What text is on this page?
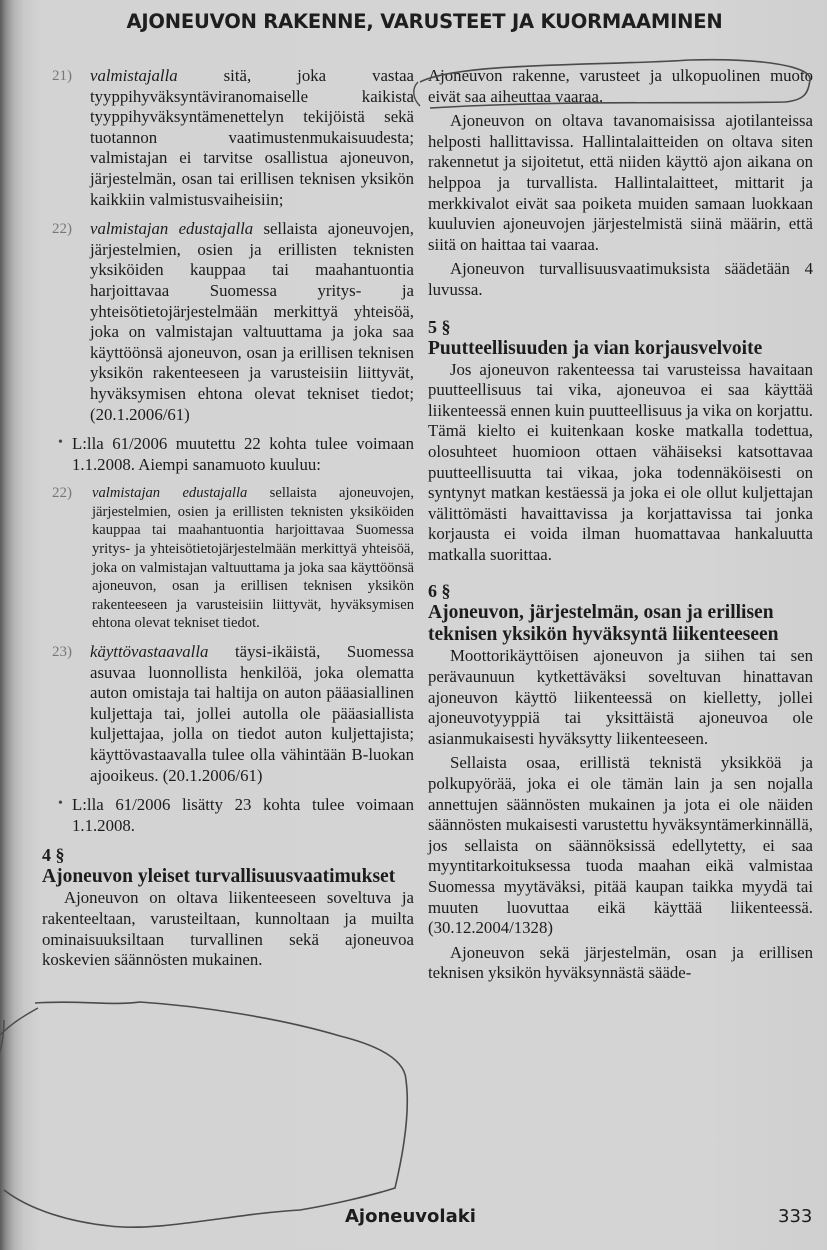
AJONEUVON RAKENNE, VARUSTEET JA KUORMAAMINEN
21) valmistajalla sitä, joka vastaa tyyppihyväksyntäviranomaiselle kaikista tyyppihyväksyntämenettelyn tekijöistä sekä tuotannon vaatimustenmukaisuudesta; valmistajan ei tarvitse osallistua ajoneuvon, järjestelmän, osan tai erillisen teknisen yksikön kaikkiin valmistusvaiheisiin;
22) valmistajan edustajalla sellaista ajoneuvojen, järjestelmien, osien ja erillisten teknisten yksiköiden kauppaa tai maahantuontia harjoittavaa Suomessa yritys- ja yhteisötietojärjestelmään merkittyä yhteisöä, joka on valmistajan valtuuttama ja joka saa käyttöönsä ajoneuvon, osan ja erillisen teknisen yksikön rakenteeseen ja varusteisiin liittyvät, hyväksymisen ehtona olevat tekniset tiedot; (20.1.2006/61)
• L:lla 61/2006 muutettu 22 kohta tulee voimaan 1.1.2008. Aiempi sanamuoto kuuluu:
22) valmistajan edustajalla sellaista ajoneuvojen, järjestelmien, osien ja erillisten teknisten yksiköiden kauppaa tai maahantuontia harjoittavaa Suomessa yritys- ja yhteisötietojärjestelmään merkittyä yhteisöä, joka on valmistajan valtuuttama ja joka saa käyttöönsä ajoneuvon, osan ja erillisen teknisen yksikön rakenteeseen ja varusteisiin liittyvät, hyväksymisen ehtona olevat tekniset tiedot.
23) käyttövastaavalla täysi-ikäistä, Suomessa asuvaa luonnollista henkilöä, joka olematta auton omistaja tai haltija on auton pääasiallinen kuljettaja tai, jollei autolla ole pääasiallista kuljettajaa, jolla on tiedot auton kuljettajista; käyttövastaavalla tulee olla vähintään B-luokan ajooikeus. (20.1.2006/61)
• L:lla 61/2006 lisätty 23 kohta tulee voimaan 1.1.2008.
4 §
Ajoneuvon yleiset turvallisuusvaatimukset

Ajoneuvon on oltava liikenteeseen soveltuva ja rakenteeltaan, varusteiltaan, kunnoltaan ja muilta ominaisuuksiltaan turvallinen sekä ajoneuvoa koskevien säännösten mukainen.

Ajoneuvon rakenne, varusteet ja ulkopuolinen muoto eivät saa aiheuttaa vaaraa.

Ajoneuvon on oltava tavanomaisissa ajotilanteissa helposti hallittavissa. Hallintalaitteiden on oltava siten rakennetut ja sijoitetut, että niiden käyttö ajon aikana on helppoa ja turvallista. Hallintalaitteet, mittarit ja merkkivalot eivät saa poiketa muiden samaan luokkaan kuuluvien ajoneuvojen järjestelmistä siinä määrin, että siitä on haittaa tai vaaraa.

Ajoneuvon turvallisuusvaatimuksista säädetään 4 luvussa.

5 §
Puutteellisuuden ja vian korjausvelvoite

Jos ajoneuvon rakenteessa tai varusteissa havaitaan puutteellisuus tai vika, ajoneuvoa ei saa käyttää liikenteessä ennen kuin puutteellisuus ja vika on korjattu. Tämä kielto ei kuitenkaan koske matkalla todettua, olosuhteet huomioon ottaen vähäiseksi katsottavaa puutteellisuutta tai vikaa, joka todennäköisesti on syntynyt matkan kestäessä ja joka ei ole ollut kuljettajan välittömästi havaittavissa ja korjattavissa tai jonka korjausta ei voida ilman huomattavaa hankaluutta matkalla suorittaa.

6 §
Ajoneuvon, järjestelmän, osan ja erillisen teknisen yksikön hyväksyntä liikenteeseen

Moottorikäyttöisen ajoneuvon ja siihen tai sen perävaunuun kytkettäväksi soveltuvan hinattavan ajoneuvon käyttö liikenteessä on kielletty, jollei ajoneuvotyyppiä tai yksittäistä ajoneuvoa ole asianmukaisesti hyväksytty liikenteeseen.

Sellaista osaa, erillistä teknistä yksikköä ja polkupyörää, joka ei ole tämän lain ja sen nojalla annettujen säännösten mukainen ja jota ei ole näiden säännösten mukaisesti varustettu hyväksyntämerkinnällä, jos sellaista on säännöksissä edellytetty, ei saa myyntitarkoituksessa tuoda maahan eikä valmistaa Suomessa myytäväksi, pitää kaupan taikka myydä tai muuten luovuttaa eikä käyttää liikenteessä. (30.12.2004/1328)

Ajoneuvon sekä järjestelmän, osan ja erillisen teknisen yksikön hyväksynnästä sääde-

Ajoneuvolaki	333
